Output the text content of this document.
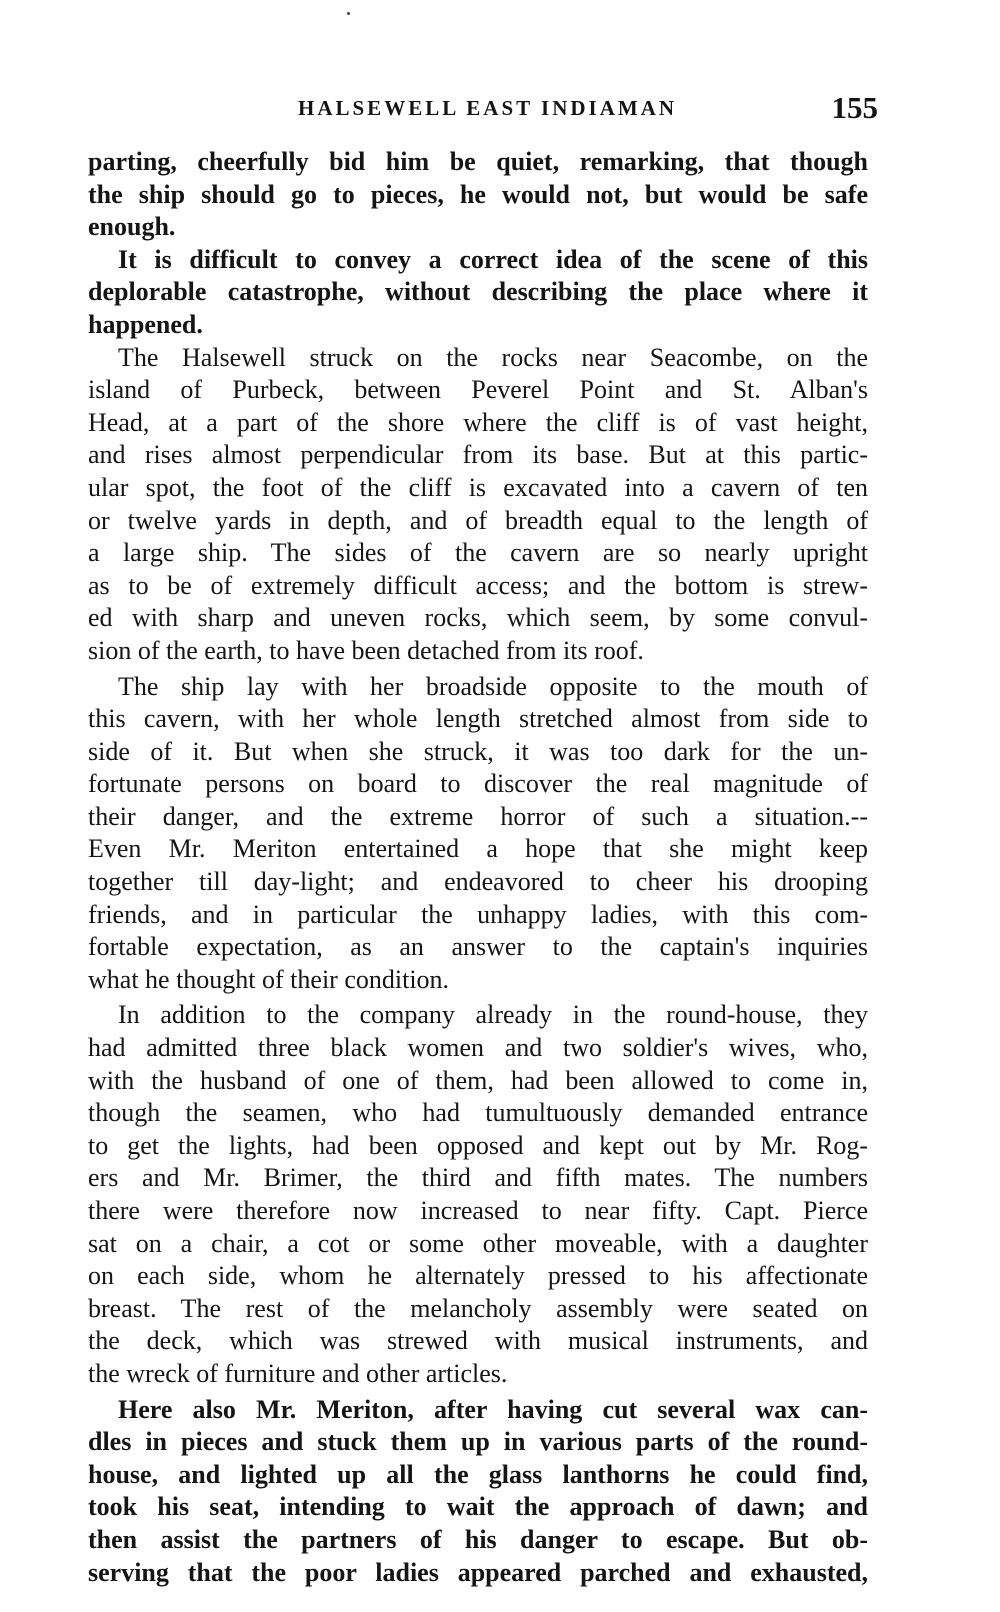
HALSEWELL EAST INDIAMAN	155
parting, cheerfully bid him be quiet, remarking, that though
the ship should go to pieces, he would not, but would be safe
enough.
It is difficult to convey a correct idea of the scene of this
deplorable catastrophe, without describing the place where it
happened.
The Halsewell struck on the rocks near Seacombe, on the
island of Purbeck, between Peverel Point and St. Alban's
Head, at a part of the shore where the cliff is of vast height,
and rises almost perpendicular from its base. But at this partic-
ular spot, the foot of the cliff is excavated into a cavern of ten
or twelve yards in depth, and of breadth equal to the length of
a large ship. The sides of the cavern are so nearly upright
as to be of extremely difficult access; and the bottom is strew-
ed with sharp and uneven rocks, which seem, by some convul-
sion of the earth, to have been detached from its roof.
The ship lay with her broadside opposite to the mouth of
this cavern, with her whole length stretched almost from side to
side of it. But when she struck, it was too dark for the un-
fortunate persons on board to discover the real magnitude of
their danger, and the extreme horror of such a situation.--
Even Mr. Meriton entertained a hope that she might keep
together till day-light; and endeavored to cheer his drooping
friends, and in particular the unhappy ladies, with this com-
fortable expectation, as an answer to the captain's inquiries
what he thought of their condition.
In addition to the company already in the round-house, they
had admitted three black women and two soldier's wives, who,
with the husband of one of them, had been allowed to come in,
though the seamen, who had tumultuously demanded entrance
to get the lights, had been opposed and kept out by Mr. Rog-
ers and Mr. Brimer, the third and fifth mates. The numbers
there were therefore now increased to near fifty. Capt. Pierce
sat on a chair, a cot or some other moveable, with a daughter
on each side, whom he alternately pressed to his affectionate
breast. The rest of the melancholy assembly were seated on
the deck, which was strewed with musical instruments, and
the wreck of furniture and other articles.
Here also Mr. Meriton, after having cut several wax can-
dles in pieces and stuck them up in various parts of the round-
house, and lighted up all the glass lanthorns he could find,
took his seat, intending to wait the approach of dawn; and
then assist the partners of his danger to escape. But ob-
serving that the poor ladies appeared parched and exhausted,
